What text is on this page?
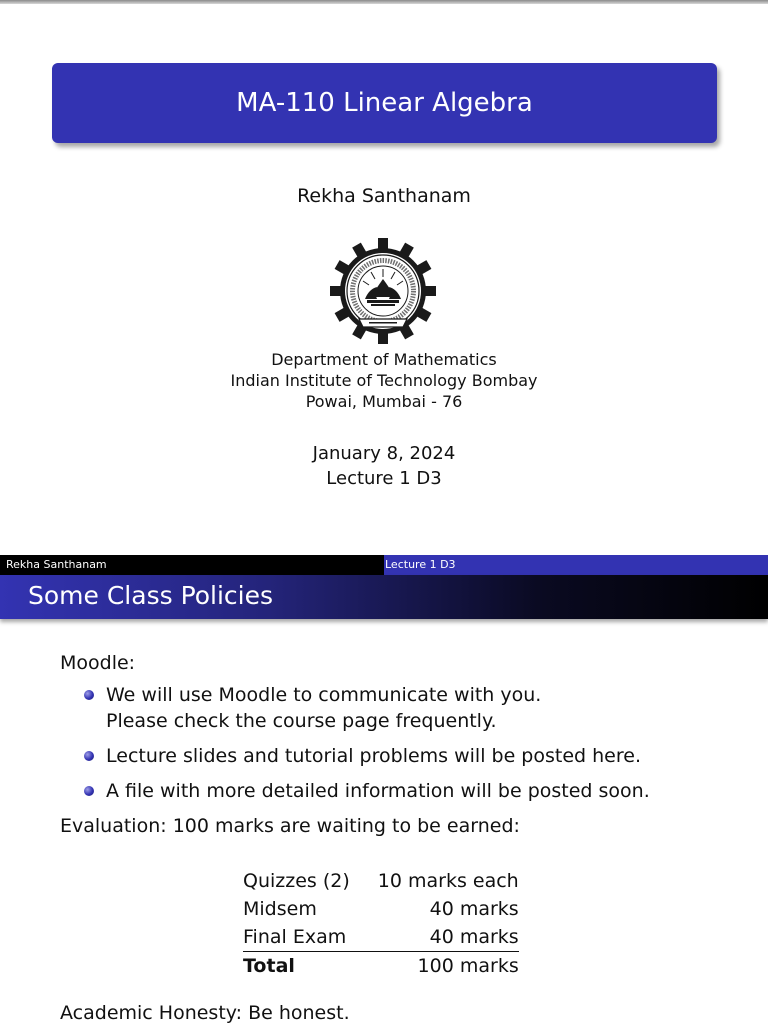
MA-110 Linear Algebra
Rekha Santhanam
Department of Mathematics
Indian Institute of Technology Bombay
Powai, Mumbai - 76
January 8, 2024
Lecture 1 D3
Rekha Santhanam	Lecture 1 D3
Some Class Policies

Moodle:

We will use Moodle to communicate with you.
Please check the course page frequently.
Lecture slides and tutorial problems will be posted here.
A file with more detailed information will be posted soon.

Evaluation: 100 marks are waiting to be earned:

Quizzes (2)	10 marks each
Midsem	40 marks
Final Exam	40 marks
Total	100 marks
Academic Honesty: Be honest.
